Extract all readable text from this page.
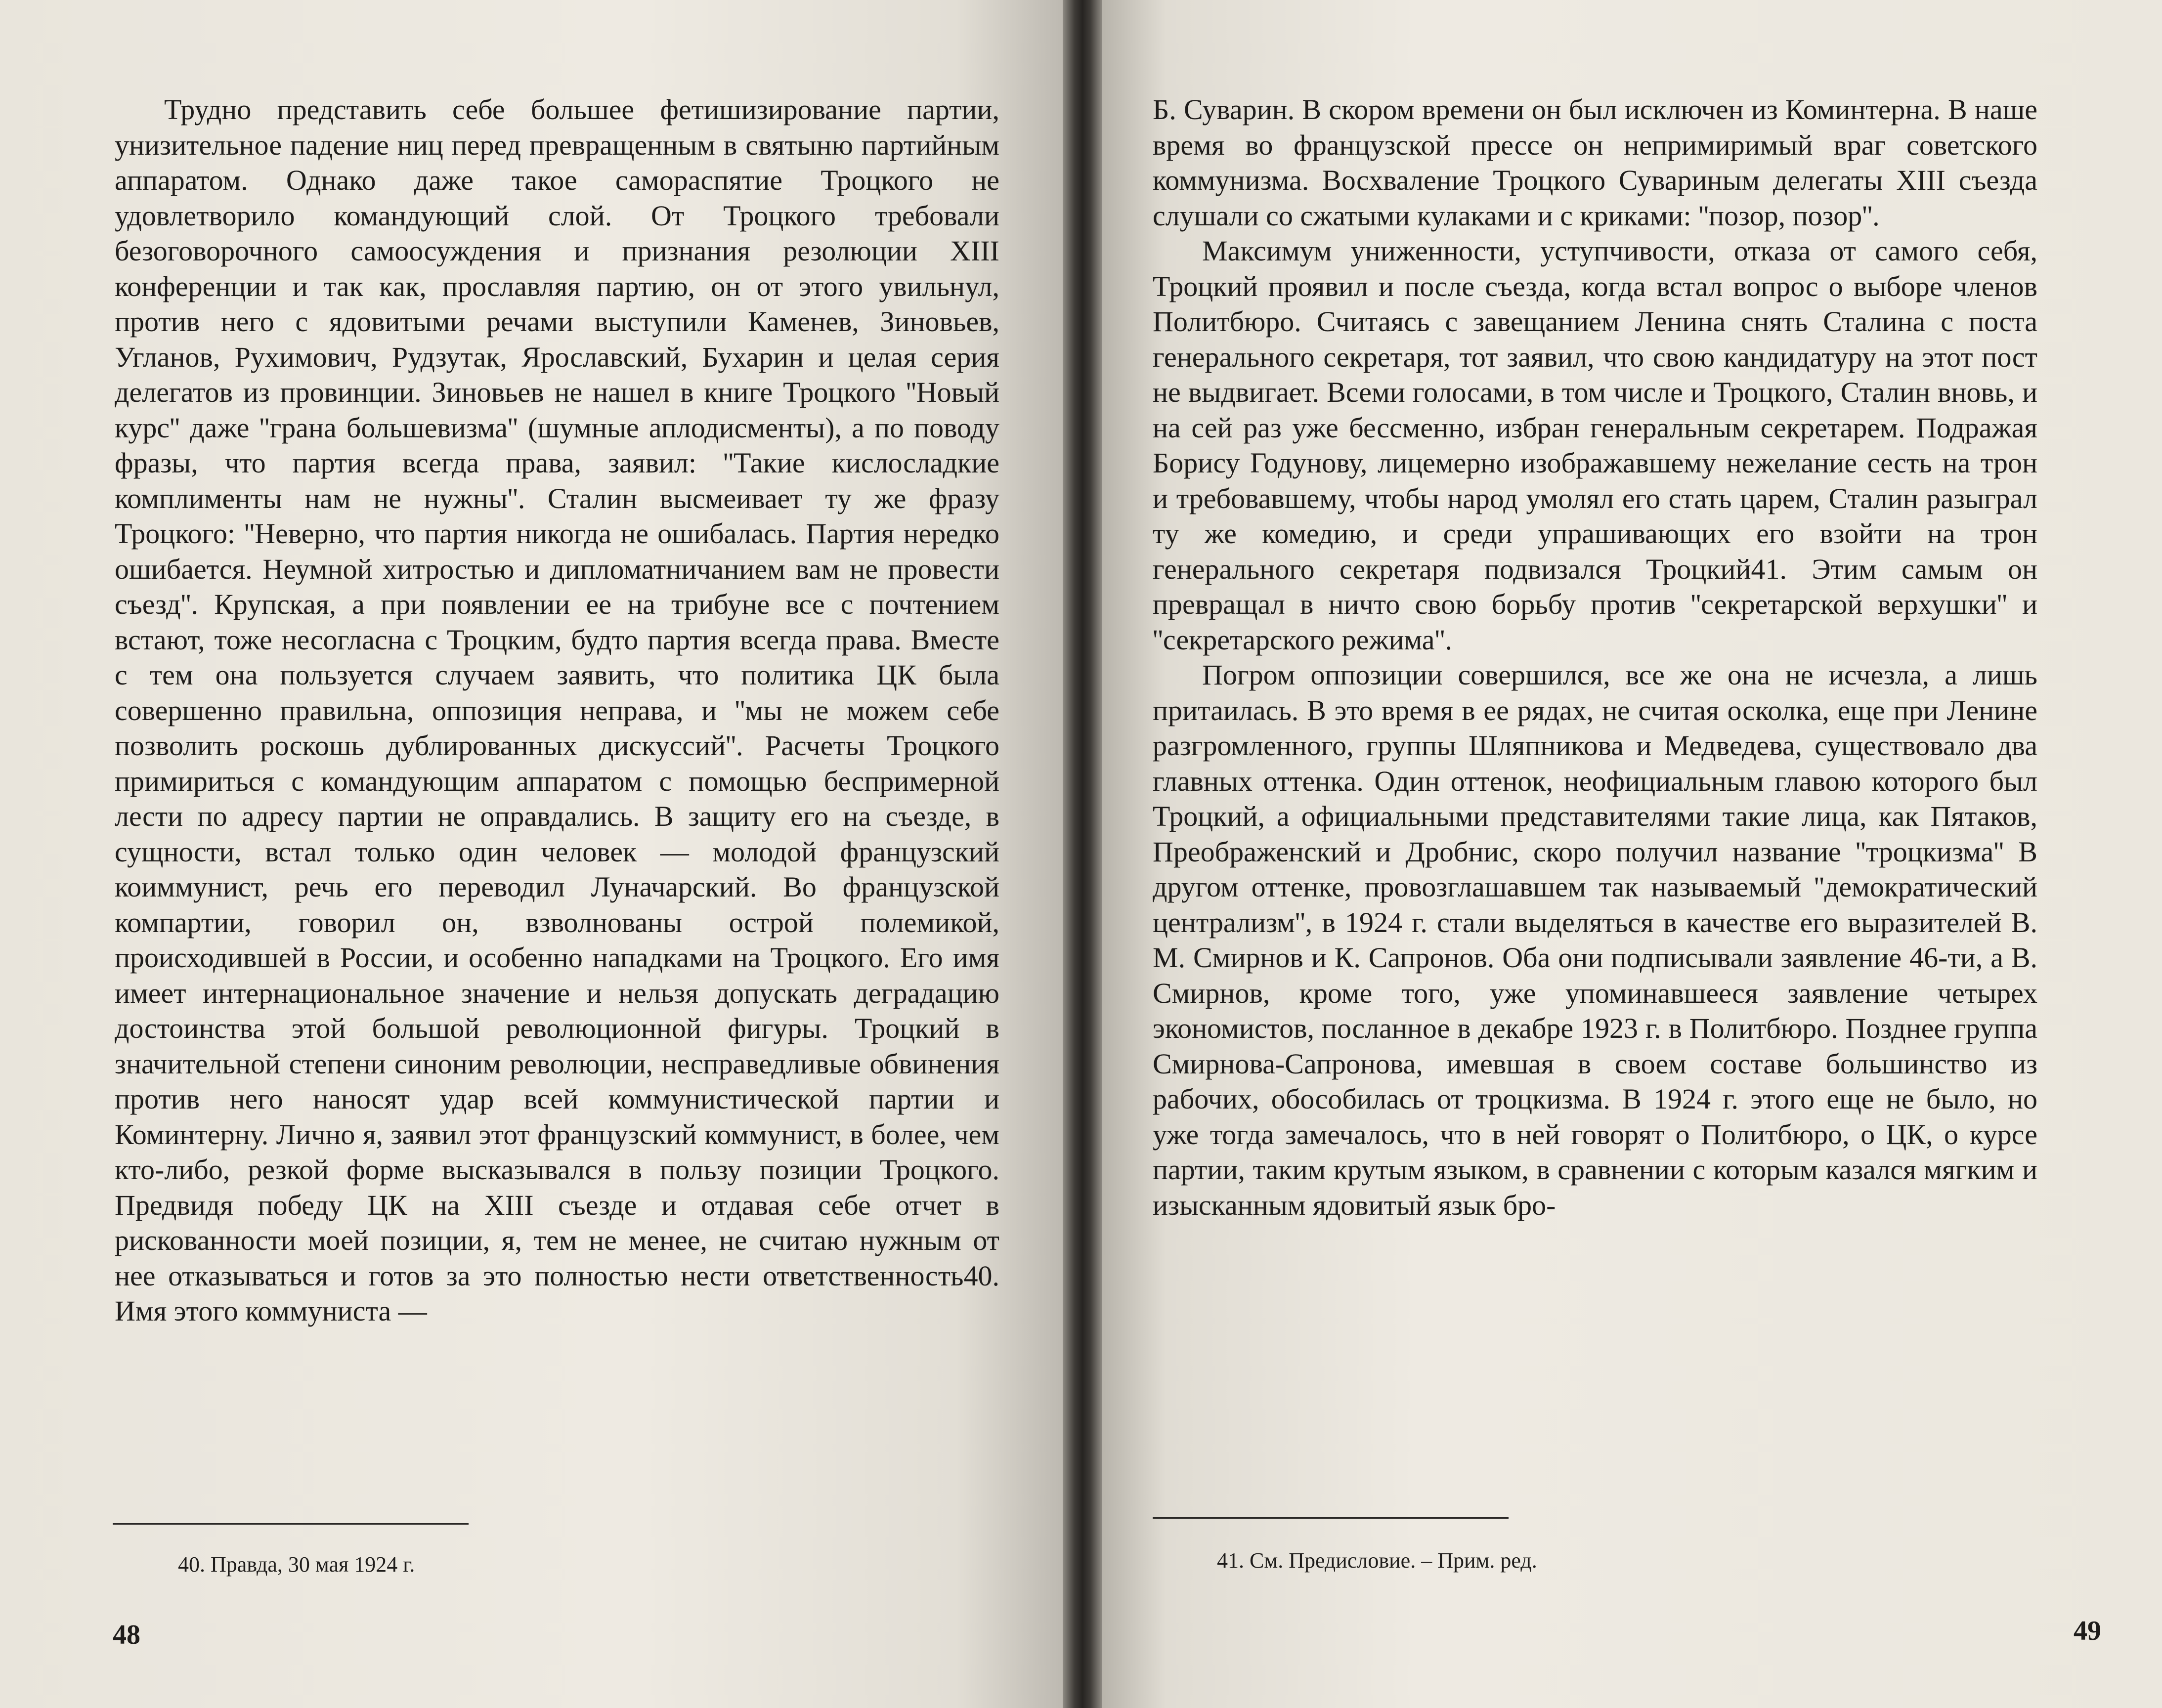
Трудно представить себе большее фетишизирование партии, унизительное падение ниц перед превращенным в святыню партийным аппаратом. Однако даже такое самораспятие Троцкого не удовлетворило командующий слой. От Троцкого требовали безоговорочного самоосуждения и признания резолюции XIII конференции и так как, прославляя партию, он от этого увильнул, против него с ядовитыми речами выступили Каменев, Зиновьев, Угланов, Рухимович, Рудзутак, Ярославский, Бухарин и целая серия делегатов из провинции. Зиновьев не нашел в книге Троцкого ''Новый курс'' даже ''грана большевизма'' (шумные аплодисменты), а по поводу фразы, что партия всегда права, заявил: ''Такие кислосладкие комплименты нам не нужны''. Сталин высмеивает ту же фразу Троцкого: ''Неверно, что партия никогда не ошибалась. Партия нередко ошибается. Неумной хитростью и дипломатничанием вам не провести съезд''. Крупская, а при появлении ее на трибуне все с почтением встают, тоже несогласна с Троцким, будто партия всегда права. Вместе с тем она пользуется случаем заявить, что политика ЦК была совершенно правильна, оппозиция неправа, и ''мы не можем себе позволить роскошь дублированных дискуссий''. Расчеты Троцкого примириться с командующим аппаратом с помощью беспримерной лести по адресу партии не оправдались. В защиту его на съезде, в сущности, встал только один человек — молодой французский коиммунист, речь его переводил Луначарский. Во французской компартии, говорил он, взволнованы острой полемикой, происходившей в России, и особенно нападками на Троцкого. Его имя имеет интернациональное значение и нельзя допускать деградацию достоинства этой большой революционной фигуры. Троцкий в значительной степени синоним революции, несправедливые обвинения против него наносят удар всей коммунистической партии и Коминтерну. Лично я, заявил этот французский коммунист, в более, чем кто-либо, резкой форме высказывался в пользу позиции Троцкого. Предвидя победу ЦК на XIII съезде и отдавая себе отчет в рискованности моей позиции, я, тем не менее, не считаю нужным от нее отказываться и готов за это полностью нести ответственность40. Имя этого коммуниста —

40. Правда, 30 мая 1924 г.
48

Б. Суварин. В скором времени он был исключен из Коминтерна. В наше время во французской прессе он непримиримый враг советского коммунизма. Восхваление Троцкого Сувариным делегаты XIII съезда слушали со сжатыми кулаками и с криками: ''позор, позор''.

Максимум униженности, уступчивости, отказа от самого себя, Троцкий проявил и после съезда, когда встал вопрос о выборе членов Политбюро. Считаясь с завещанием Ленина снять Сталина с поста генерального секретаря, тот заявил, что свою кандидатуру на этот пост не выдвигает. Всеми голосами, в том числе и Троцкого, Сталин вновь, и на сей раз уже бессменно, избран генеральным секретарем. Подражая Борису Годунову, лицемерно изображавшему нежелание сесть на трон и требовавшему, чтобы народ умолял его стать царем, Сталин разыграл ту же комедию, и среди упрашивающих его взойти на трон генерального секретаря подвизался Троцкий41. Этим самым он превращал в ничто свою борьбу против ''секретарской верхушки'' и ''секретарского режима''.

Погром оппозиции совершился, все же она не исчезла, а лишь притаилась. В это время в ее рядах, не считая осколка, еще при Ленине разгромленного, группы Шляпникова и Медведева, существовало два главных оттенка. Один оттенок, неофициальным главою которого был Троцкий, а официальными представителями такие лица, как Пятаков, Преображенский и Дробнис, скоро получил название ''троцкизма'' В другом оттенке, провозглашавшем так называемый ''демократический централизм'', в 1924 г. стали выделяться в качестве его выразителей В. М. Смирнов и К. Сапронов. Оба они подписывали заявление 46-ти, а В. Смирнов, кроме того, уже упоминавшееся заявление четырех экономистов, посланное в декабре 1923 г. в Политбюро. Позднее группа Смирнова-Сапронова, имевшая в своем составе большинство из рабочих, обособилась от троцкизма. В 1924 г. этого еще не было, но уже тогда замечалось, что в ней говорят о Политбюро, о ЦК, о курсе партии, таким крутым языком, в сравнении с которым казался мягким и изысканным ядовитый язык бро-

41. См. Предисловие. – Прим. ред.
49
